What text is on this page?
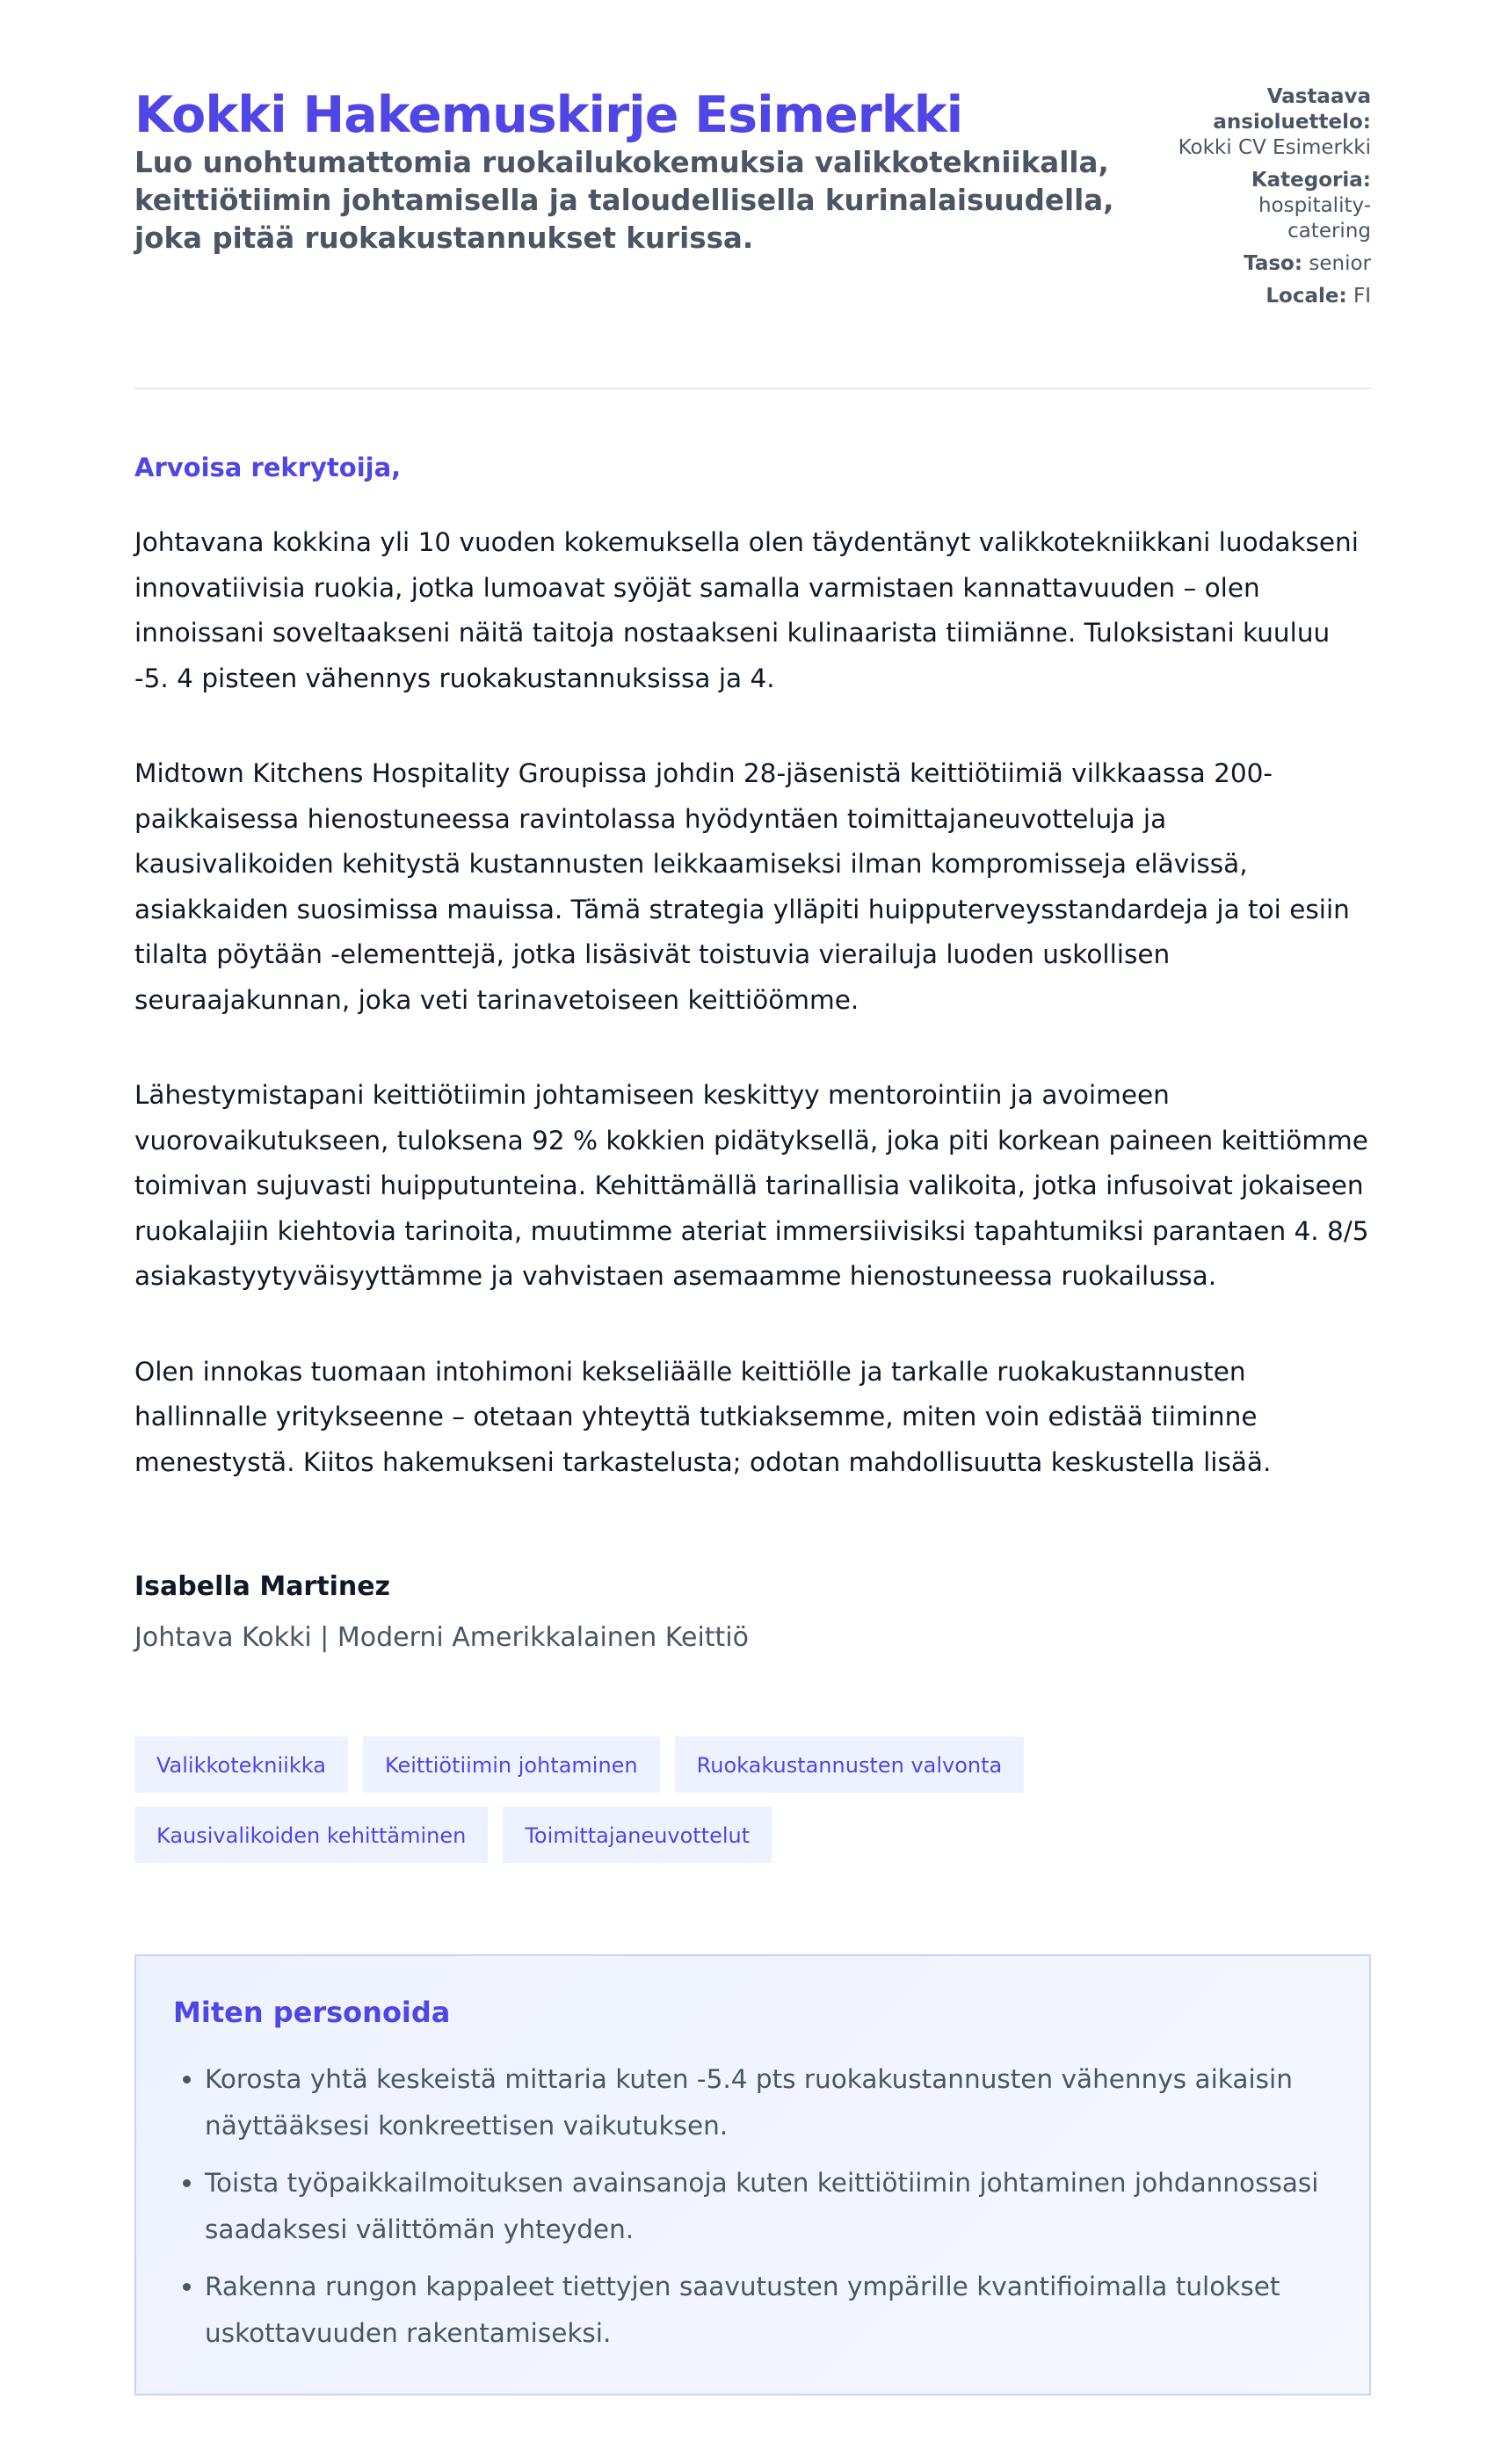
Kokki Hakemuskirje Esimerkki
Luo unohtumattomia ruokailukokemuksia valikkotekniikalla, keittiötiimin johtamisella ja taloudellisella kurinalaisuudella, joka pitää ruokakustannukset kurissa.
Vastaava ansioluettelo: Kokki CV Esimerkki
Kategoria: hospitality-catering
Taso: senior
Locale: FI
Arvoisa rekrytoija,

Johtavana kokkina yli 10 vuoden kokemuksella olen täydentänyt valikkotekniikkani luodakseni innovatiivisia ruokia, jotka lumoavat syöjät samalla varmistaen kannattavuuden – olen innoissani soveltaakseni näitä taitoja nostaakseni kulinaarista tiimiänne. Tuloksistani kuuluu -5. 4 pisteen vähennys ruokakustannuksissa ja 4.

Midtown Kitchens Hospitality Groupissa johdin 28-jäsenistä keittiötiimiä vilkkaassa 200-paikkaisessa hienostuneessa ravintolassa hyödyntäen toimittajaneuvotteluja ja kausivalikoiden kehitystä kustannusten leikkaamiseksi ilman kompromisseja elävissä, asiakkaiden suosimissa mauissa. Tämä strategia ylläpiti huipputerveysstandardeja ja toi esiin tilalta pöytään -elementtejä, jotka lisäsivät toistuvia vierailuja luoden uskollisen seuraajakunnan, joka veti tarinavetoiseen keittiöömme.

Lähestymistapani keittiötiimin johtamiseen keskittyy mentorointiin ja avoimeen vuorovaikutukseen, tuloksena 92 % kokkien pidätyksellä, joka piti korkean paineen keittiömme toimivan sujuvasti huipputunteina. Kehittämällä tarinallisia valikoita, jotka infusoivat jokaiseen ruokalajiin kiehtovia tarinoita, muutimme ateriat immersiivisiksi tapahtumiksi parantaen 4. 8/5 asiakastyytyväisyyttämme ja vahvistaen asemaamme hienostuneessa ruokailussa.

Olen innokas tuomaan intohimoni kekseliäälle keittiölle ja tarkalle ruokakustannusten hallinnalle yritykseenne – otetaan yhteyttä tutkiaksemme, miten voin edistää tiiminne menestystä. Kiitos hakemukseni tarkastelusta; odotan mahdollisuutta keskustella lisää.

Isabella Martinez
Johtava Kokki | Moderni Amerikkalainen Keittiö
Valikkotekniikka	Keittiötiimin johtaminen	Ruokakustannusten valvonta
Kausivalikoiden kehittäminen	Toimittajaneuvottelut
Miten personoida
• Korosta yhtä keskeistä mittaria kuten -5.4 pts ruokakustannusten vähennys aikaisin näyttääksesi konkreettisen vaikutuksen.
• Toista työpaikkailmoituksen avainsanoja kuten keittiötiimin johtaminen johdannossasi saadaksesi välittömän yhteyden.
• Rakenna rungon kappaleet tiettyjen saavutusten ympärille kvantifioimalla tulokset uskottavuuden rakentamiseksi.
